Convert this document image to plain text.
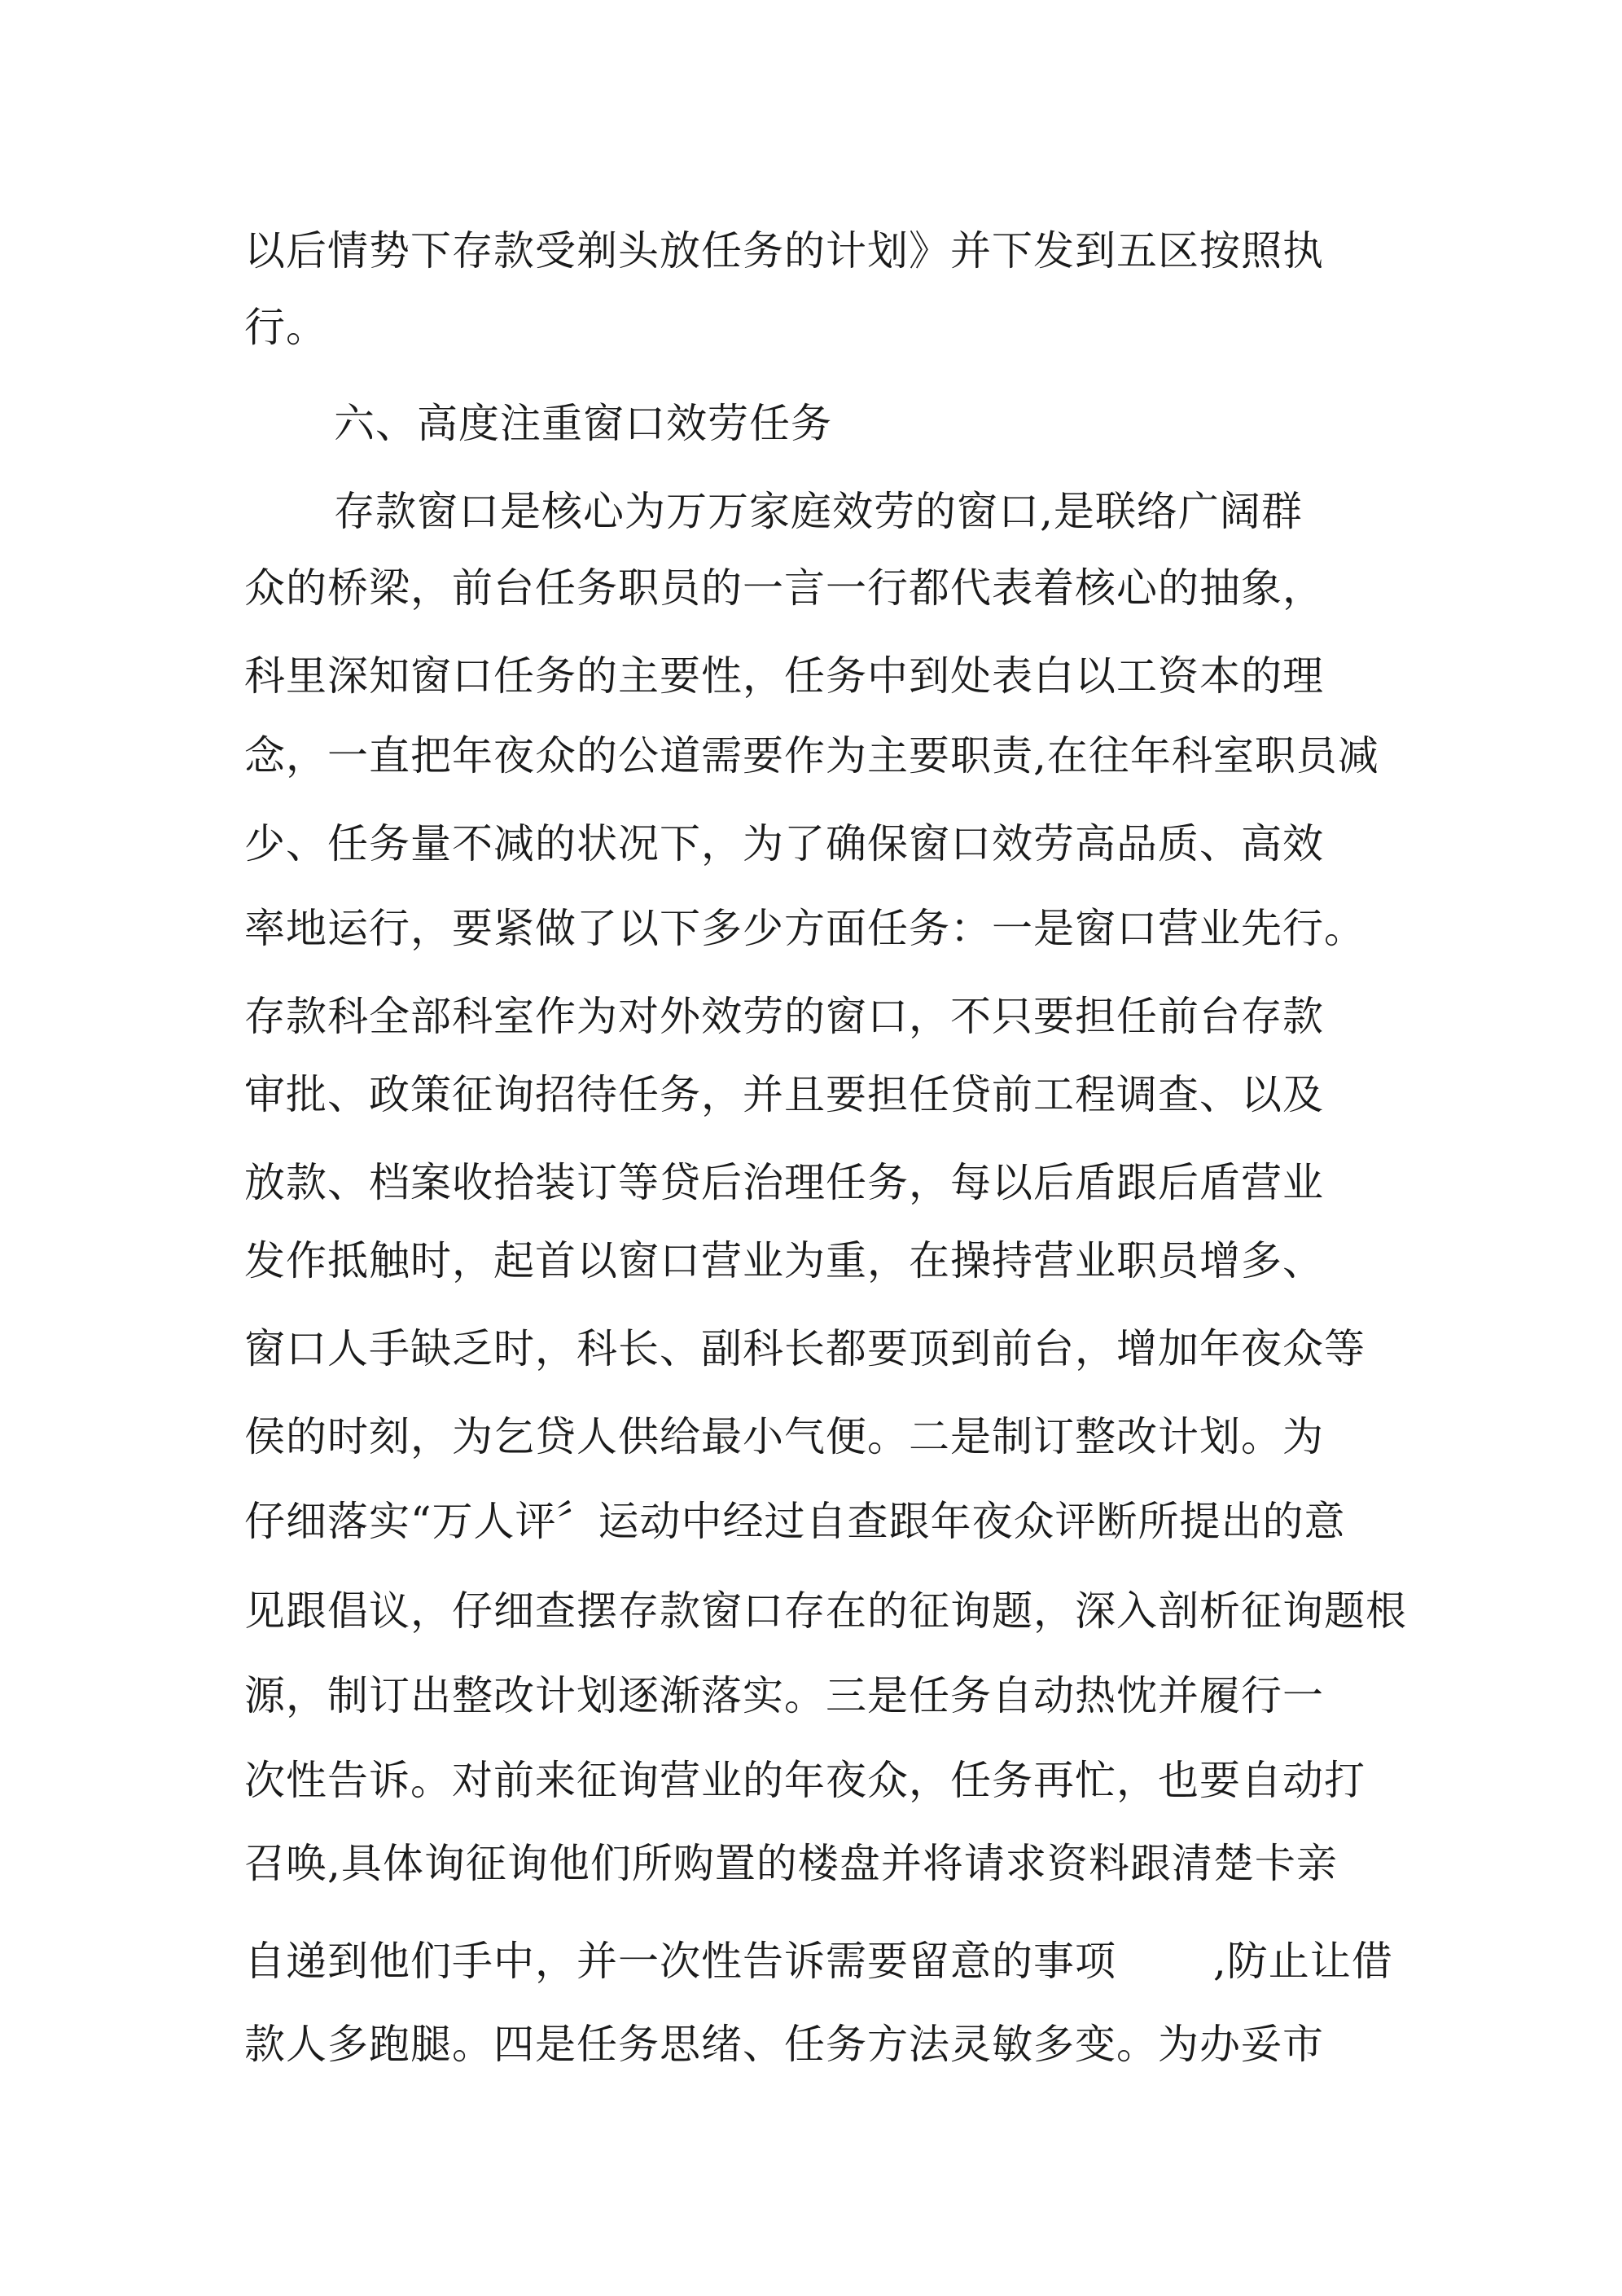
以后情势下存款受剃头放任务的计划》并下发到五区按照执
行。
六、高度注重窗口效劳任务
存款窗口是核心为万万家庭效劳的窗口,是联络广阔群
众的桥梁，前台任务职员的一言一行都代表着核心的抽象，
科里深知窗口任务的主要性，任务中到处表白以工资本的理
念，一直把年夜众的公道需要作为主要职责,在往年科室职员减
少、任务量不减的状况下，为了确保窗口效劳高品质、高效
率地运行，要紧做了以下多少方面任务：一是窗口营业先行。
存款科全部科室作为对外效劳的窗口，不只要担任前台存款
审批、政策征询招待任务，并且要担任贷前工程调查、以及
放款、档案收拾装订等贷后治理任务，每以后盾跟后盾营业
发作抵触时，起首以窗口营业为重，在操持营业职员增多、
窗口人手缺乏时，科长、副科长都要顶到前台，增加年夜众等
侯的时刻，为乞贷人供给最小气便。二是制订整改计划。为
仔细落实“万人评〞运动中经过自查跟年夜众评断所提出的意
见跟倡议，仔细查摆存款窗口存在的征询题，深入剖析征询题根
源，制订出整改计划逐渐落实。三是任务自动热忱并履行一
次性告诉。对前来征询营业的年夜众，任务再忙，也要自动打
召唤,具体询征询他们所购置的楼盘并将请求资料跟清楚卡亲
自递到他们手中，并一次性告诉需要留意的事项　　 ,防止让借
款人多跑腿。四是任务思绪、任务方法灵敏多变。为办妥市
